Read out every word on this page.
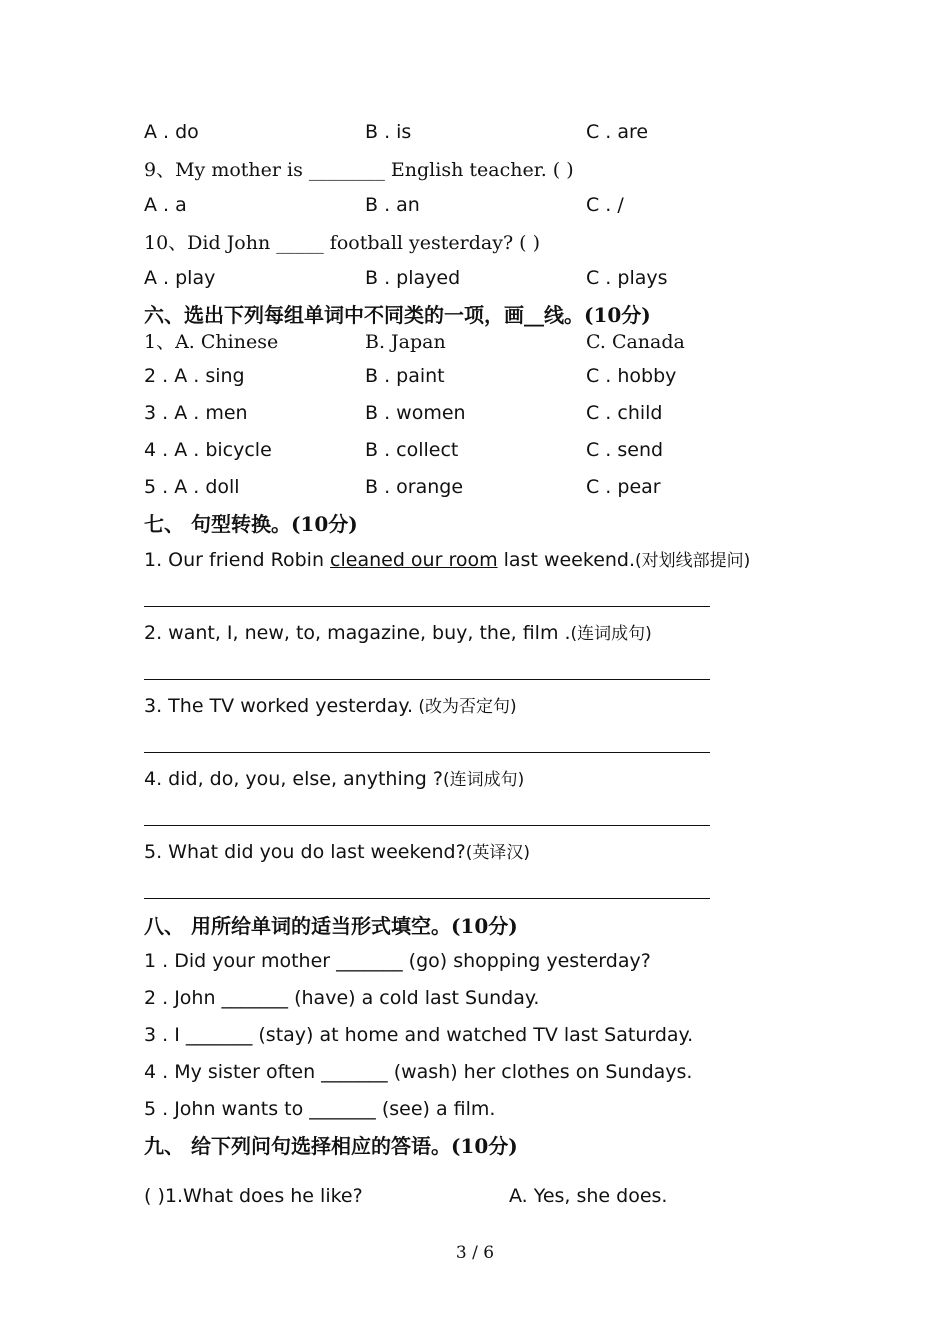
A . do	B . is	C . are
9、My mother is ________ English teacher. ( )
A . a	B . an	C . /
10、Did John _____ football yesterday? ( )
A . play	B . played	C . plays
六、选出下列每组单词中不同类的一项，画__线。(10分)
1、A. Chinese	B. Japan	C. Canada
2 . A . sing	B . paint	C . hobby
3 . A . men	B . women	C . child
4 . A . bicycle	B . collect	C . send
5 . A . doll	B . orange	C . pear
七、 句型转换。(10分)
1. Our friend Robin cleaned our room last weekend.(对划线部提问)
2. want, I, new, to, magazine, buy, the, film .(连词成句)
3. The TV worked yesterday. (改为否定句)
4. did, do, you, else, anything ?(连词成句)
5. What did you do last weekend?(英译汉)
八、 用所给单词的适当形式填空。(10分)
1 . Did your mother _______ (go) shopping yesterday?
2 . John _______ (have) a cold last Sunday.
3 . I _______ (stay) at home and watched TV last Saturday.
4 . My sister often _______ (wash) her clothes on Sundays.
5 . John wants to _______ (see) a film.
九、 给下列问句选择相应的答语。(10分)
( )1.What does he like?	A. Yes, she does.
3 / 6
